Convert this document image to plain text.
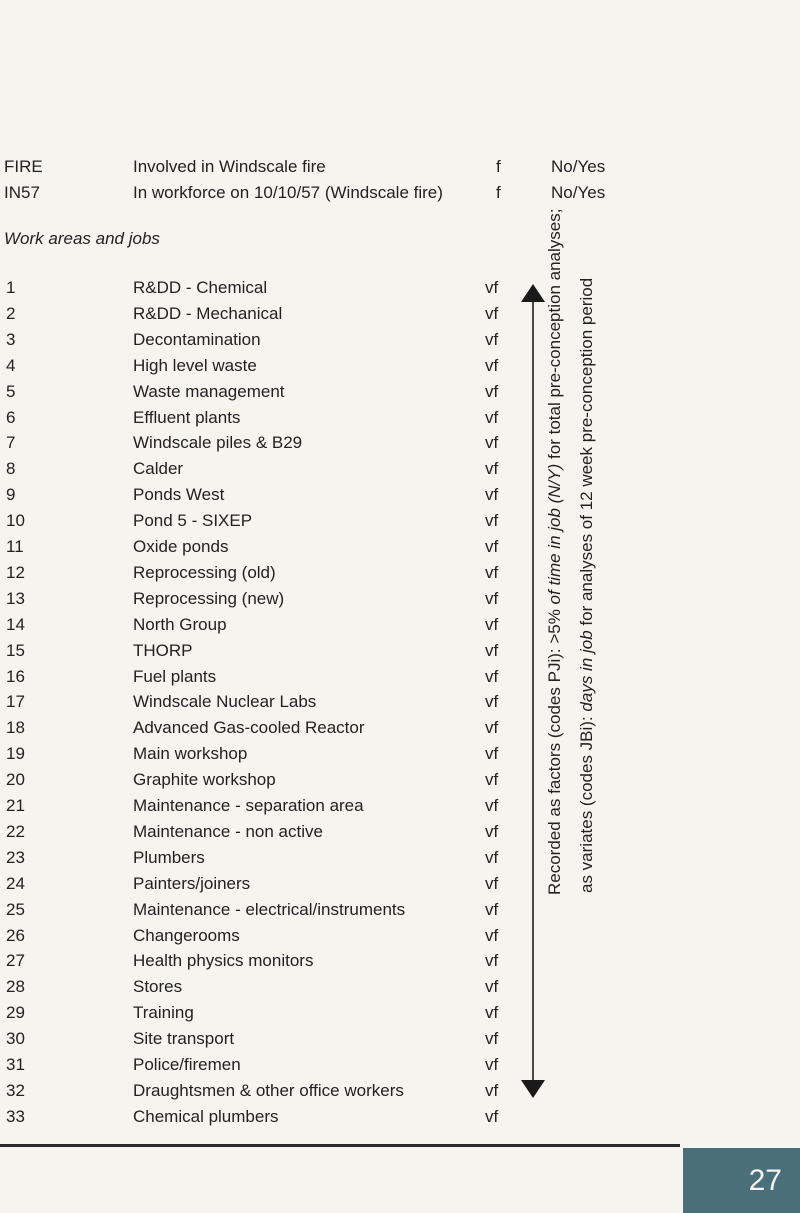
FIRE	Involved in Windscale fire	f	No/Yes
IN57	In workforce on 10/10/57 (Windscale fire)	f	No/Yes
Work areas and jobs
1	R&DD - Chemical	vf
2	R&DD - Mechanical	vf
3	Decontamination	vf
4	High level waste	vf
5	Waste management	vf
6	Effluent plants	vf
7	Windscale piles & B29	vf
8	Calder	vf
9	Ponds West	vf
10	Pond 5 - SIXEP	vf
11	Oxide ponds	vf
12	Reprocessing (old)	vf
13	Reprocessing (new)	vf
14	North Group	vf
15	THORP	vf
16	Fuel plants	vf
17	Windscale Nuclear Labs	vf
18	Advanced Gas-cooled Reactor	vf
19	Main workshop	vf
20	Graphite workshop	vf
21	Maintenance - separation area	vf
22	Maintenance - non active	vf
23	Plumbers	vf
24	Painters/joiners	vf
25	Maintenance - electrical/instruments	vf
26	Changerooms	vf
27	Health physics monitors	vf
28	Stores	vf
29	Training	vf
30	Site transport	vf
31	Police/firemen	vf
32	Draughtsmen & other office workers	vf
33	Chemical plumbers	vf
Recorded as factors (codes PJi): >5% of time in job (N/Y) for total pre-conception analyses;
as variates (codes JBi): days in job for analyses of 12 week pre-conception period
27
